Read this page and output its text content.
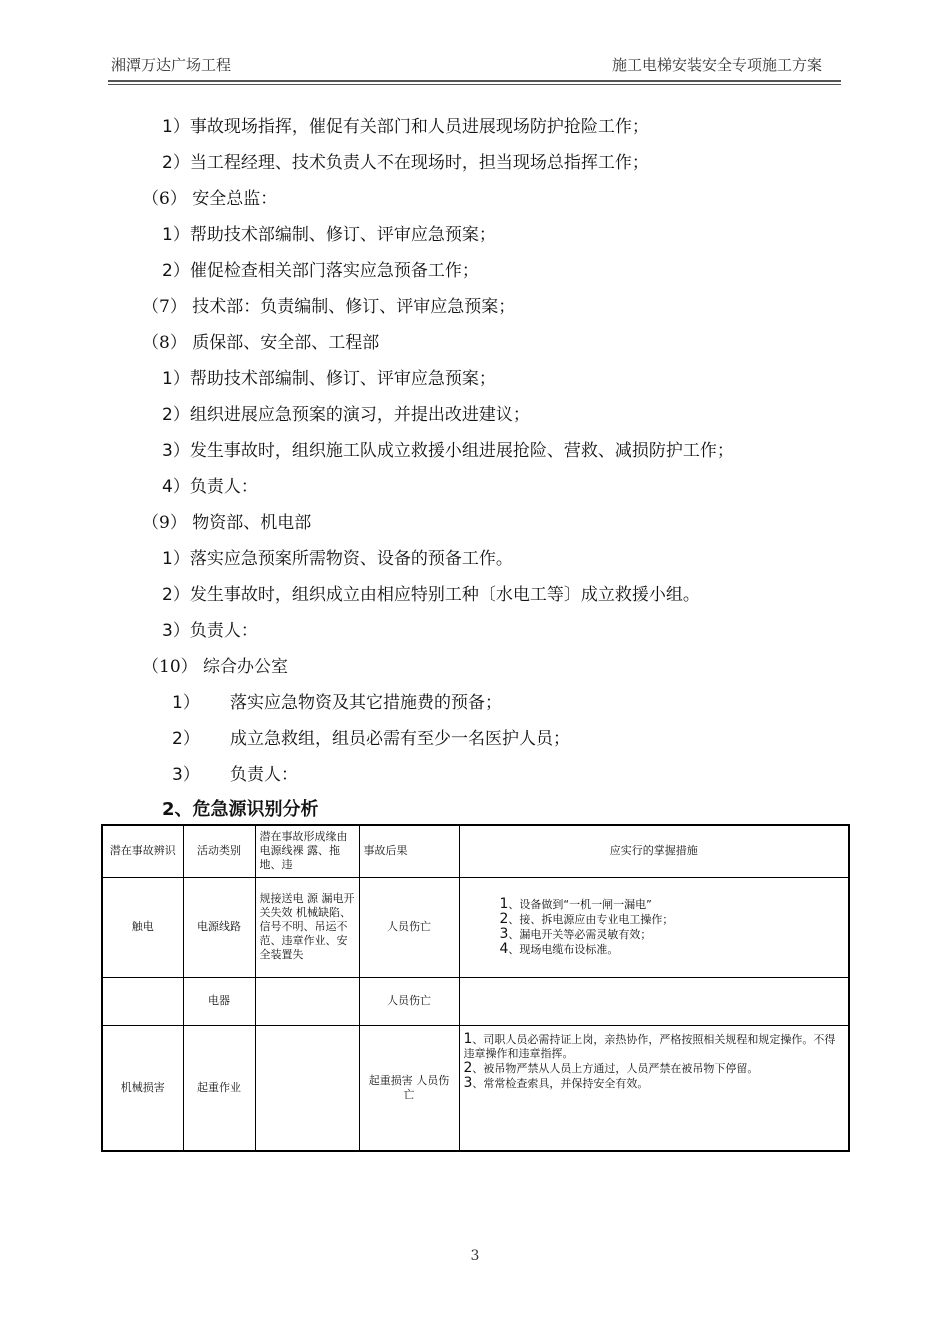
湘潭万达广场工程	施工电梯安装安全专项施工方案
1）事故现场指挥，催促有关部门和人员进展现场防护抢险工作；
2）当工程经理、技术负责人不在现场时，担当现场总指挥工作；
（6） 安全总监：
1）帮助技术部编制、修订、评审应急预案；
2）催促检查相关部门落实应急预备工作；
（7） 技术部：负责编制、修订、评审应急预案；
（8） 质保部、安全部、工程部
1）帮助技术部编制、修订、评审应急预案；
2）组织进展应急预案的演习，并提出改进建议；
3）发生事故时，组织施工队成立救援小组进展抢险、营救、减损防护工作；
4）负责人：
（9） 物资部、机电部
1）落实应急预案所需物资、设备的预备工作。
2）发生事故时，组织成立由相应特别工种〔水电工等〕成立救援小组。
3）负责人：
（10） 综合办公室
1） 落实应急物资及其它措施费的预备；
2） 成立急救组，组员必需有至少一名医护人员；
3） 负责人：
2、危急源识别分析
潜在事故辨识	活动类别	潜在事故形成缘由 电源线裸 露、拖地、违	事故后果	应实行的掌握措施
触电	电源线路	规接送电 源 漏电开关失效 机械缺陷、信号不明、吊运不范、违章作业、安全装置失	人员伤亡	1、设备做到“一机一闸一漏电”
2、接、拆电源应由专业电工操作；
3、漏电开关等必需灵敏有效；
4、现场电缆布设标准。

	电器		人员伤亡	
机械损害	起重作业		起重损害 人员伤亡	1、司职人员必需持证上岗，亲热协作，严格按照相关规程和规定操作。不得违章操作和违章指挥。
2、被吊物严禁从人员上方通过，人员严禁在被吊物下停留。
3、常常检查索具，并保持安全有效。
3
